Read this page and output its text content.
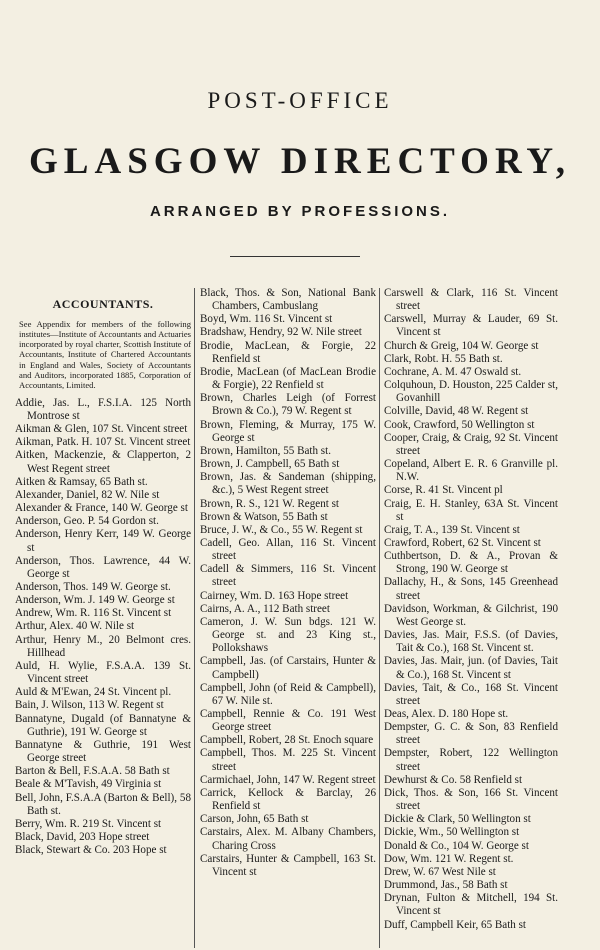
POST-OFFICE
GLASGOW DIRECTORY,
ARRANGED BY PROFESSIONS.
ACCOUNTANTS.
See Appendix for members of the following institutes—Institute of Accountants and Actuaries incorporated by royal charter, Scottish Institute of Accountants, Institute of Chartered Accountants in England and Wales, Society of Accountants and Auditors, incorporated 1885, Corporation of Accountants, Limited.
Addie, Jas. L., F.S.I.A. 125 North Montrose st
Aikman & Glen, 107 St. Vincent street
Aikman, Patk. H. 107 St. Vincent street
Aitken, Mackenzie, & Clapperton, 2 West Regent street
Aitken & Ramsay, 65 Bath st.
Alexander, Daniel, 82 W. Nile st
Alexander & France, 140 W. George st
Anderson, Geo. P. 54 Gordon st.
Anderson, Henry Kerr, 149 W. George st
Anderson, Thos. Lawrence, 44 W. George st
Anderson, Thos. 149 W. George st.
Anderson, Wm. J. 149 W. George st
Andrew, Wm. R. 116 St. Vincent st
Arthur, Alex. 40 W. Nile st
Arthur, Henry M., 20 Belmont cres. Hillhead
Auld, H. Wylie, F.S.A.A. 139 St. Vincent street
Auld & M'Ewan, 24 St. Vincent pl.
Bain, J. Wilson, 113 W. Regent st
Bannatyne, Dugald (of Bannatyne & Guthrie), 191 W. George st
Bannatyne & Guthrie, 191 West George street
Barton & Bell, F.S.A.A. 58 Bath st
Beale & M'Tavish, 49 Virginia st
Bell, John, F.S.A.A (Barton & Bell), 58 Bath st.
Berry, Wm. R. 219 St. Vincent st
Black, David, 203 Hope street
Black, Stewart & Co. 203 Hope st
Black, Thos. & Son, National Bank Chambers, Cambuslang
Boyd, Wm. 116 St. Vincent st
Bradshaw, Hendry, 92 W. Nile street
Brodie, MacLean, & Forgie, 22 Renfield st
Brodie, MacLean (of MacLean Brodie & Forgie), 22 Renfield st
Brown, Charles Leigh (of Forrest Brown & Co.), 79 W. Regent st
Brown, Fleming, & Murray, 175 W. George st
Brown, Hamilton, 55 Bath st.
Brown, J. Campbell, 65 Bath st
Brown, Jas. & Sandeman (shipping, &c.), 5 West Regent street
Brown, R. S., 121 W. Regent st
Brown & Watson, 55 Bath st
Bruce, J. W., & Co., 55 W. Regent st
Cadell, Geo. Allan, 116 St. Vincent street
Cadell & Simmers, 116 St. Vincent street
Cairney, Wm. D. 163 Hope street
Cairns, A. A., 112 Bath street
Cameron, J. W. Sun bdgs. 121 W. George st. and 23 King st., Pollokshaws
Campbell, Jas. (of Carstairs, Hunter & Campbell)
Campbell, John (of Reid & Campbell), 67 W. Nile st.
Campbell, Rennie & Co. 191 West George street
Campbell, Robert, 28 St. Enoch square
Campbell, Thos. M. 225 St. Vincent street
Carmichael, John, 147 W. Regent street
Carrick, Kellock & Barclay, 26 Renfield st
Carson, John, 65 Bath st
Carstairs, Alex. M. Albany Chambers, Charing Cross
Carstairs, Hunter & Campbell, 163 St. Vincent st
Carswell & Clark, 116 St. Vincent street
Carswell, Murray & Lauder, 69 St. Vincent st
Church & Greig, 104 W. George st
Clark, Robt. H. 55 Bath st.
Cochrane, A. M. 47 Oswald st.
Colquhoun, D. Houston, 225 Calder st, Govanhill
Colville, David, 48 W. Regent st
Cook, Crawford, 50 Wellington st
Cooper, Craig, & Craig, 92 St. Vincent street
Copeland, Albert E. R. 6 Granville pl. N.W.
Corse, R. 41 St. Vincent pl
Craig, E. H. Stanley, 63A St. Vincent st
Craig, T. A., 139 St. Vincent st
Crawford, Robert, 62 St. Vincent st
Cuthbertson, D. & A., Provan & Strong, 190 W. George st
Dallachy, H., & Sons, 145 Greenhead street
Davidson, Workman, & Gilchrist, 190 West George st.
Davies, Jas. Mair, F.S.S. (of Davies, Tait & Co.), 168 St. Vincent st.
Davies, Jas. Mair, jun. (of Davies, Tait & Co.), 168 St. Vincent st
Davies, Tait, & Co., 168 St. Vincent street
Deas, Alex. D. 180 Hope st.
Dempster, G. C. & Son, 83 Renfield street
Dempster, Robert, 122 Wellington street
Dewhurst & Co. 58 Renfield st
Dick, Thos. & Son, 166 St. Vincent street
Dickie & Clark, 50 Wellington st
Dickie, Wm., 50 Wellington st
Donald & Co., 104 W. George st
Dow, Wm. 121 W. Regent st.
Drew, W. 67 West Nile st
Drummond, Jas., 58 Bath st
Drynan, Fulton & Mitchell, 194 St. Vincent st
Duff, Campbell Keir, 65 Bath st
